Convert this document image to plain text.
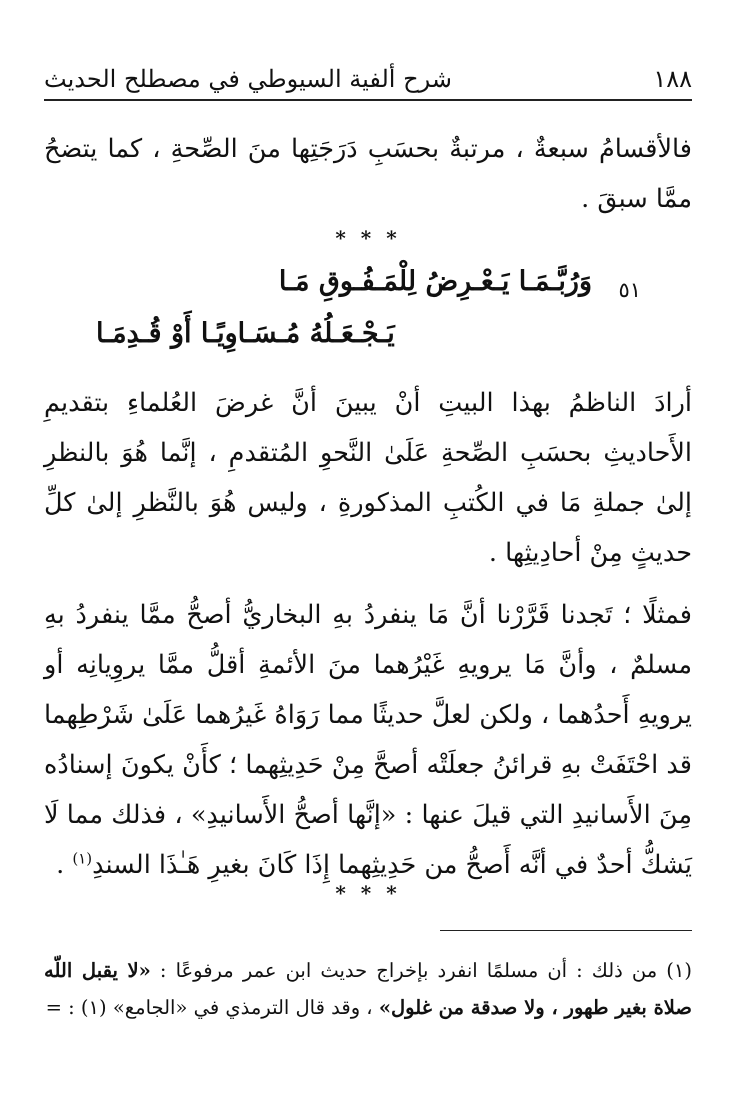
١٨٨
شرح ألفية السيوطي في مصطلح الحديث
فالأقسامُ سبعةٌ ، مرتبةٌ بحسَبِ دَرَجَتِها منَ الصِّحةِ ، كما يتضحُ ممَّا سبقَ .
* * *
٥١
وَرُبَّـمَـا يَـعْـرِضُ لِلْمَـفُـوقِ مَـا
يَـجْـعَـلُهُ مُـسَـاوِيًـا أَوْ قُـدِمَـا
أرادَ الناظمُ بهذا البيتِ أنْ يبينَ أنَّ غرضَ العُلماءِ بتقديمِ الأَحاديثِ بحسَبِ الصِّحةِ عَلَىٰ النَّحوِ المُتقدمِ ، إنَّما هُوَ بالنظرِ إلىٰ جملةِ مَا في الكُتبِ المذكورةِ ، وليس هُوَ بالنَّظرِ إلىٰ كلِّ حديثٍ مِنْ أحادِيثِها .
فمثلًا ؛ تَجدنا قَرَّرْنا أنَّ مَا ينفردُ بهِ البخاريُّ أصحُّ ممَّا ينفردُ بهِ مسلمٌ ، وأنَّ مَا يرويهِ غَيْرُهما منَ الأئمةِ أقلُّ ممَّا يروِيانِه أو يرويهِ أَحدُهما ، ولكن لعلَّ حديثًا مما رَوَاهُ غَيرُهما عَلَىٰ شَرْطِهما قد احْتَفَتْ بهِ قرائنُ جعلَتْه أصحَّ مِنْ حَدِيثِهما ؛ كأَنْ يكونَ إسنادُه مِنَ الأَسانيدِ التي قيلَ عنها : «إنَّها أصحُّ الأَسانيدِ» ، فذلك مما لَا يَشكُّ أحدٌ في أنَّه أَصحُّ من حَدِيثِهما إِذَا كَانَ بغيرِ هَـٰذَا السندِ$^{(١)}$ .
* * *
(١) من ذلك : أن مسلمًا انفرد بإخراج حديث ابن عمر مرفوعًا : «لا يقبل اللّه صلاة بغير طهور ، ولا صدقة من غلول» ، وقد قال الترمذي في «الجامع» (١) : =
